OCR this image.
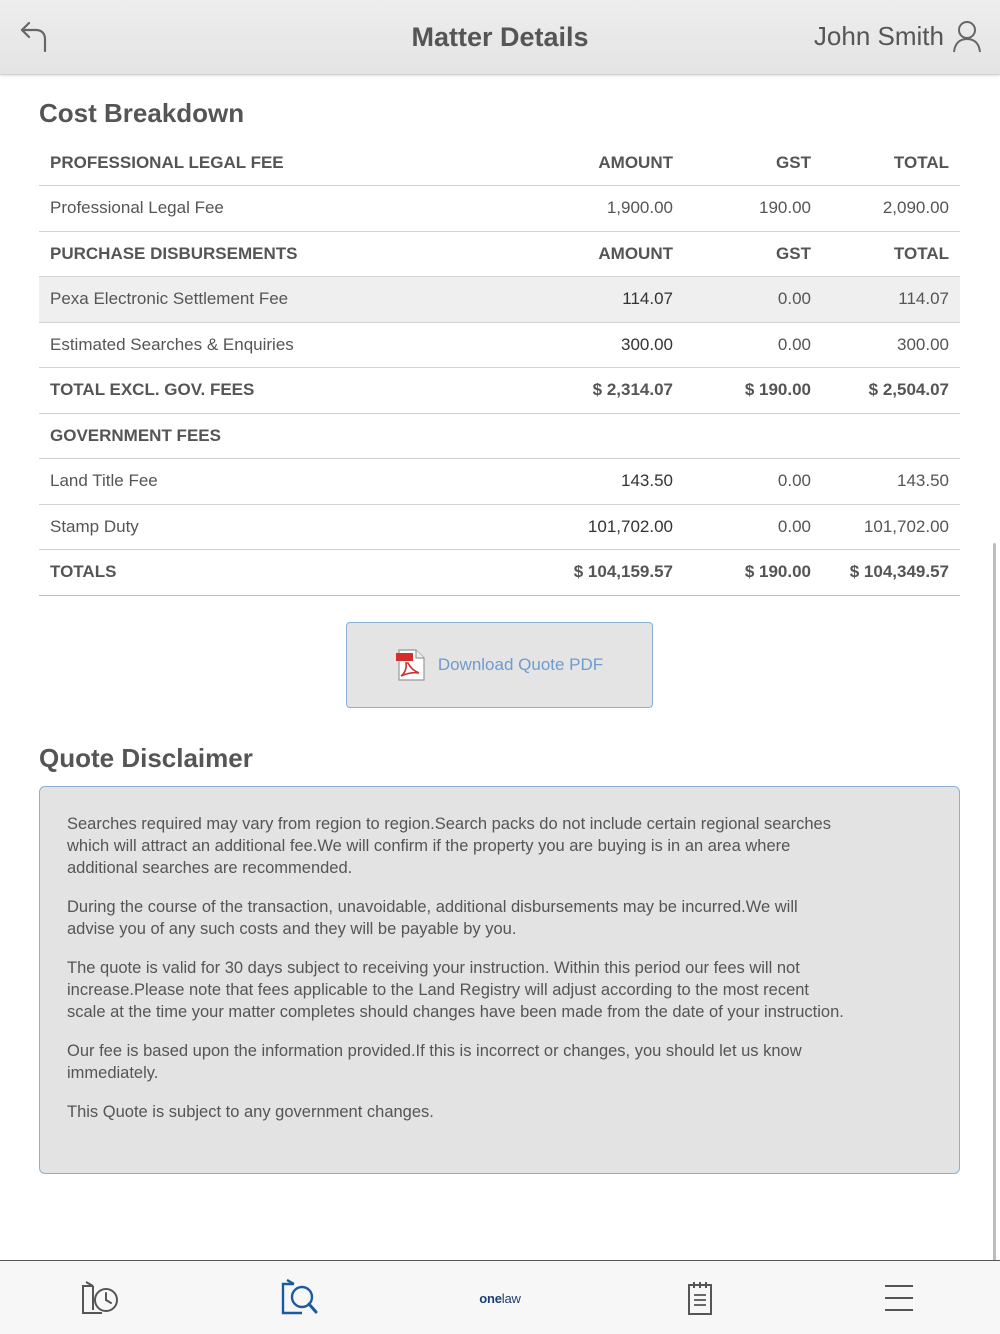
Matter Details	John Smith
Cost Breakdown
PROFESSIONAL LEGAL FEE	AMOUNT	GST	TOTAL
Professional Legal Fee	1,900.00	190.00	2,090.00
PURCHASE DISBURSEMENTS	AMOUNT	GST	TOTAL
Pexa Electronic Settlement Fee	114.07	0.00	114.07
Estimated Searches & Enquiries	300.00	0.00	300.00
TOTAL EXCL. GOV. FEES	$ 2,314.07	$ 190.00	$ 2,504.07
GOVERNMENT FEES			
Land Title Fee	143.50	0.00	143.50
Stamp Duty	101,702.00	0.00	101,702.00
TOTALS	$ 104,159.57	$ 190.00	$ 104,349.57
Download Quote PDF
Quote Disclaimer

Searches required may vary from region to region.Search packs do not include certain regional searches which will attract an additional fee.We will confirm if the property you are buying is in an area where additional searches are recommended.

During the course of the transaction, unavoidable, additional disbursements may be incurred.We will advise you of any such costs and they will be payable by you.

The quote is valid for 30 days subject to receiving your instruction. Within this period our fees will not increase.Please note that fees applicable to the Land Registry will adjust according to the most recent scale at the time your matter completes should changes have been made from the date of your instruction.

Our fee is based upon the information provided.If this is incorrect or changes, you should let us know immediately.

This Quote is subject to any government changes.

onelaw
